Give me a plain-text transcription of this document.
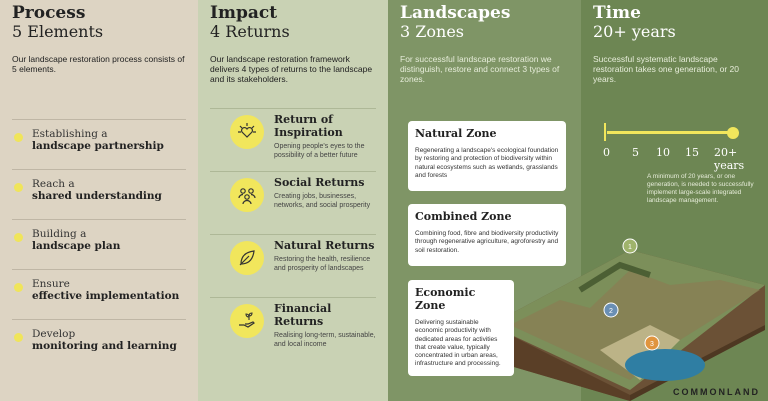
Process
5 Elements
Our landscape restoration process consists of 5 elements.
Establishing a
landscape partnership
Reach a
shared understanding
Building a
landscape plan
Ensure
effective implementation
Develop
monitoring and learning
Impact
4 Returns
Our landscape restoration framework delivers 4 types of returns to the landscape and its stakeholders.
Return of Inspiration
Opening people's eyes to the possibility of a better future
Social Returns
Creating jobs, businesses, networks, and social prosperity
Natural Returns
Restoring the health, resilience and prosperity of landscapes
Financial Returns
Realising long-term, sustainable, and local income
Landscapes
3 Zones
For successful landscape restoration we distinguish, restore and connect 3 types of zones.
Time
20+ years
Successful systematic landscape restoration takes one generation, or 20 years.
0 5 10 15 20+ years
A minimum of 20 years, or one generation, is needed to successfully implement large-scale integrated landscape management.
1
2
3
Natural Zone
Regenerating a landscape's ecological foundation by restoring and protection of biodiversity within natural ecosystems such as wetlands, grasslands and forests
Combined Zone
Combining food, fibre and biodiversity productivity through regenerative agriculture, agroforestry and soil restoration.
Economic Zone
Delivering sustainable economic productivity with dedicated areas for activities that create value, typically concentrated in urban areas, infrastructure and processing.
COMMONLAND
